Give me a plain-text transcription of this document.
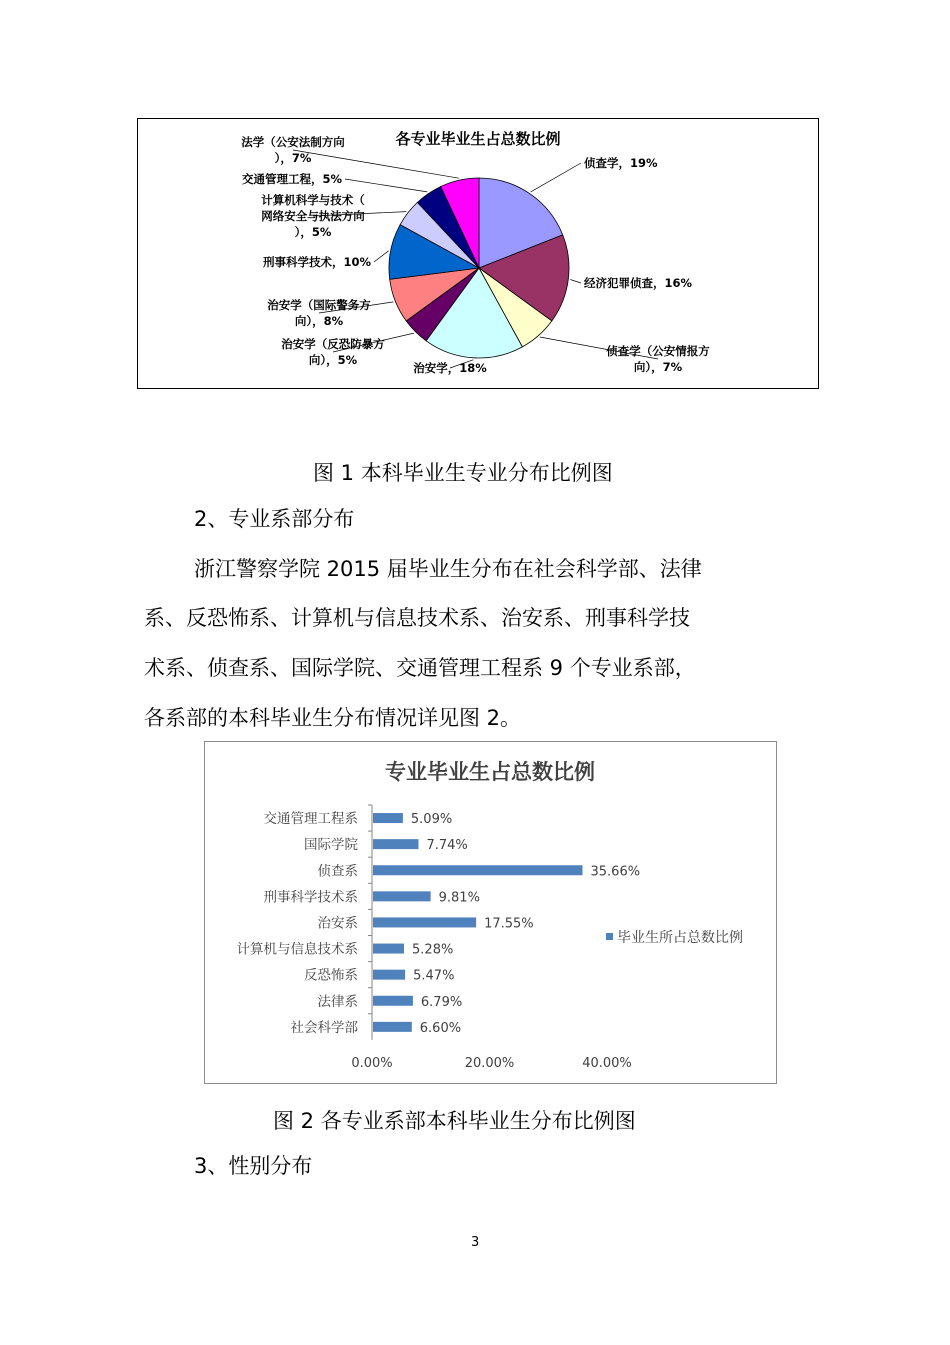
各专业毕业生占总数比例
侦查学，19%
经济犯罪侦查，16%
侦查学（公安情报方向），7%
治安学，18%
治安学（反恐防暴方向），5%
治安学（国际警务方向），8%
刑事科学技术，10%
计算机科学与技术（网络安全与执法方向），5%
交通管理工程，5%
法学（公安法制方向），7%
图 1 本科毕业生专业分布比例图
2、专业系部分布
浙江警察学院 2015 届毕业生分布在社会科学部、法律
系、反恐怖系、计算机与信息技术系、治安系、刑事科学技
术系、侦查系、国际学院、交通管理工程系 9 个专业系部，
各系部的本科毕业生分布情况详见图 2。
专业毕业生占总数比例
交通管理工程系	5.09%
国际学院	7.74%
侦查系	35.66%
刑事科学技术系	9.81%
治安系	17.55%
计算机与信息技术系	5.28%
反恐怖系	5.47%
法律系	6.79%
社会科学部	6.60%
0.00%	20.00%	40.00%
毕业生所占总数比例
图 2 各专业系部本科毕业生分布比例图
3、性别分布
3
